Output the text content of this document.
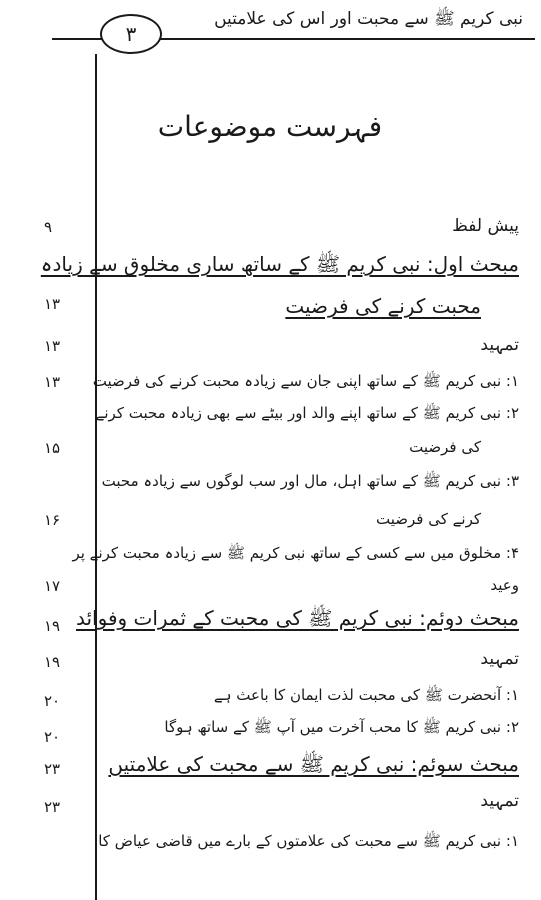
نبی کریم ﷺ سے محبت اور اس کی علامتیں
۳
فہرست موضوعات
پیش لفظ
۹
مبحث اول: نبی کریم ﷺ کے ساتھ ساری مخلوق سے زیادہ
محبت کرنے کی فرضیت
۱۳
تمہید
۱۳
۱: نبی کریم ﷺ کے ساتھ اپنی جان سے زیادہ محبت کرنے کی فرضیت
۱۳
۲: نبی کریم ﷺ کے ساتھ اپنے والد اور بیٹے سے بھی زیادہ محبت کرنے
کی فرضیت
۱۵
۳: نبی کریم ﷺ کے ساتھ اہل، مال اور سب لوگوں سے زیادہ محبت
کرنے کی فرضیت
۱۶
۴: مخلوق میں سے کسی کے ساتھ نبی کریم ﷺ سے زیادہ محبت کرنے پر
وعید
۱۷
مبحث دوئم: نبی کریم ﷺ کی محبت کے ثمرات وفوائد
۱۹
تمہید
۱۹
۱: آنحضرت ﷺ کی محبت لذت ایمان کا باعث ہے
۲۰
۲: نبی کریم ﷺ کا محب آخرت میں آپ ﷺ کے ساتھ ہوگا
۲۰
مبحث سوئم: نبی کریم ﷺ سے محبت کی علامتیں
۲۳
تمہید
۲۳
۱: نبی کریم ﷺ سے محبت کی علامتوں کے بارے میں قاضی عیاض کا
